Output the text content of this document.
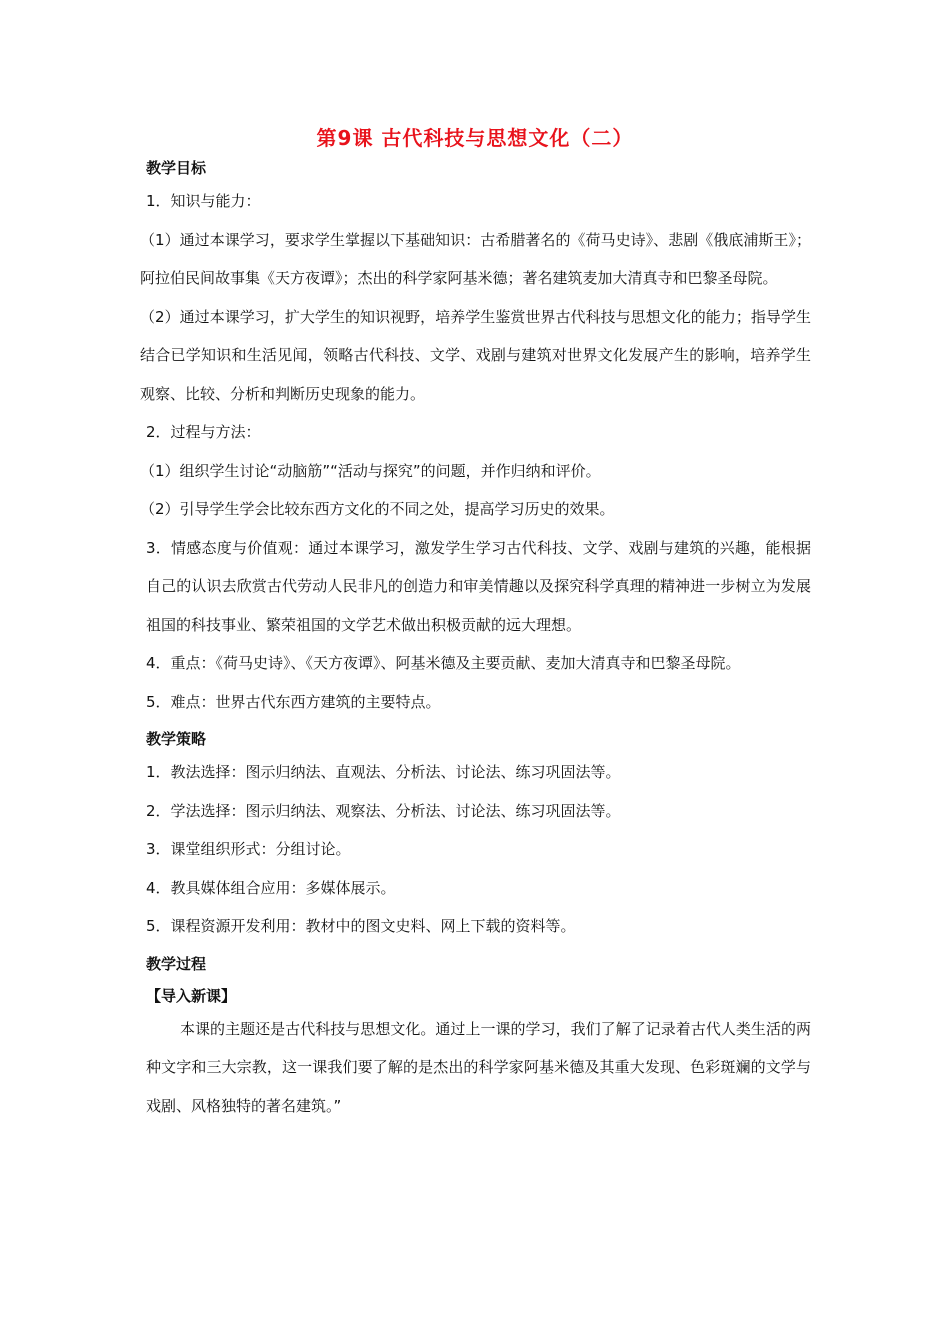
第9课 古代科技与思想文化（二）
教学目标
1．知识与能力：
（1）通过本课学习，要求学生掌握以下基础知识：古希腊著名的《荷马史诗》、悲剧《俄底浦斯王》；阿拉伯民间故事集《天方夜谭》；杰出的科学家阿基米德；著名建筑麦加大清真寺和巴黎圣母院。
（2）通过本课学习，扩大学生的知识视野，培养学生鉴赏世界古代科技与思想文化的能力；指导学生结合已学知识和生活见闻，领略古代科技、文学、戏剧与建筑对世界文化发展产生的影响，培养学生观察、比较、分析和判断历史现象的能力。
2．过程与方法：
（1）组织学生讨论“动脑筋”“活动与探究”的问题，并作归纳和评价。
（2）引导学生学会比较东西方文化的不同之处，提高学习历史的效果。
3．情感态度与价值观：通过本课学习，激发学生学习古代科技、文学、戏剧与建筑的兴趣，能根据自己的认识去欣赏古代劳动人民非凡的创造力和审美情趣以及探究科学真理的精神进一步树立为发展祖国的科技事业、繁荣祖国的文学艺术做出积极贡献的远大理想。
4．重点：《荷马史诗》、《天方夜谭》、阿基米德及主要贡献、麦加大清真寺和巴黎圣母院。
5．难点：世界古代东西方建筑的主要特点。
教学策略
1．教法选择：图示归纳法、直观法、分析法、讨论法、练习巩固法等。
2．学法选择：图示归纳法、观察法、分析法、讨论法、练习巩固法等。
3．课堂组织形式：分组讨论。
4．教具媒体组合应用：多媒体展示。
5．课程资源开发利用：教材中的图文史料、网上下载的资料等。
教学过程
【导入新课】
本课的主题还是古代科技与思想文化。通过上一课的学习，我们了解了记录着古代人类生活的两种文字和三大宗教，这一课我们要了解的是杰出的科学家阿基米德及其重大发现、色彩斑斓的文学与戏剧、风格独特的著名建筑。”
